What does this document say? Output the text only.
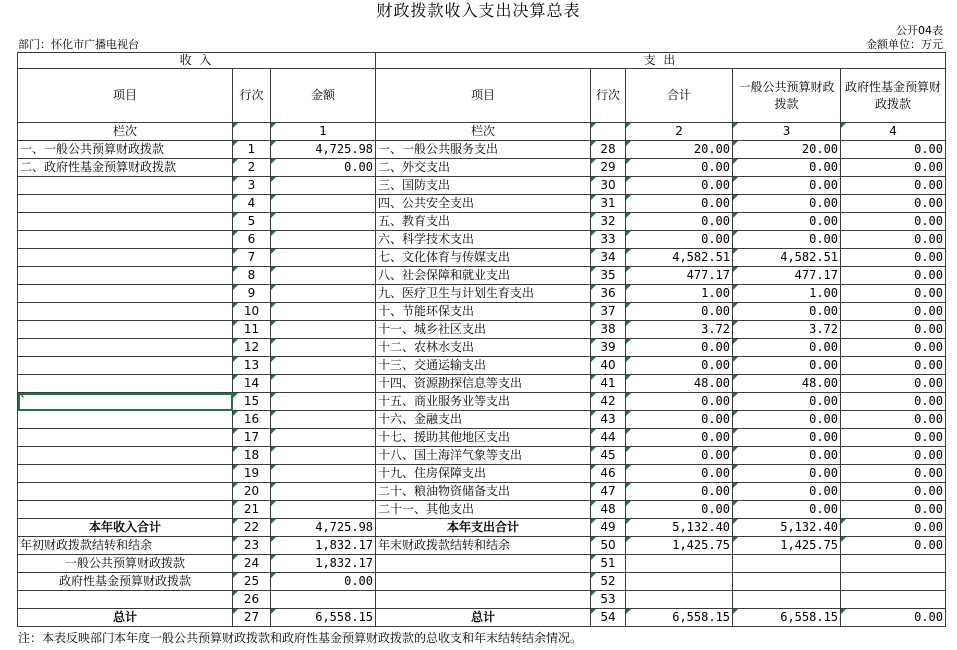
财政拨款收入支出决算总表
公开04表
部门：怀化市广播电视台	金额单位：万元
收 入			支 出				
项目	行次	金额	项目	行次	合计	一般公共预算财政拨款	政府性基金预算财政拨款
栏次		1	栏次		2	3	4
一、一般公共预算财政拨款	1	4,725.98	一、一般公共服务支出	28	20.00	20.00	0.00
二、政府性基金预算财政拨款	2	0.00	二、外交支出	29	0.00	0.00	0.00
	3		三、国防支出	30	0.00	0.00	0.00
	4		四、公共安全支出	31	0.00	0.00	0.00
	5		五、教育支出	32	0.00	0.00	0.00
	6		六、科学技术支出	33	0.00	0.00	0.00
	7		七、文化体育与传媒支出	34	4,582.51	4,582.51	0.00
	8		八、社会保障和就业支出	35	477.17	477.17	0.00
	9		九、医疗卫生与计划生育支出	36	1.00	1.00	0.00
	10		十、节能环保支出	37	0.00	0.00	0.00
	11		十一、城乡社区支出	38	3.72	3.72	0.00
	12		十二、农林水支出	39	0.00	0.00	0.00
	13		十三、交通运输支出	40	0.00	0.00	0.00
	14		十四、资源勘探信息等支出	41	48.00	48.00	0.00
`	15		十五、商业服务业等支出	42	0.00	0.00	0.00
	16		十六、金融支出	43	0.00	0.00	0.00
	17		十七、援助其他地区支出	44	0.00	0.00	0.00
	18		十八、国土海洋气象等支出	45	0.00	0.00	0.00
	19		十九、住房保障支出	46	0.00	0.00	0.00
	20		二十、粮油物资储备支出	47	0.00	0.00	0.00
	21		二十一、其他支出	48	0.00	0.00	0.00
本年收入合计	22	4,725.98	本年支出合计	49	5,132.40	5,132.40	0.00
年初财政拨款结转和结余	23	1,832.17	年末财政拨款结转和结余	50	1,425.75	1,425.75	0.00
一般公共预算财政拨款	24	1,832.17		51			
政府性基金预算财政拨款	25	0.00		52			
	26			53			
总计	27	6,558.15	总计	54	6,558.15	6,558.15	0.00
注：本表反映部门本年度一般公共预算财政拨款和政府性基金预算财政拨款的总收支和年末结转结余情况。
